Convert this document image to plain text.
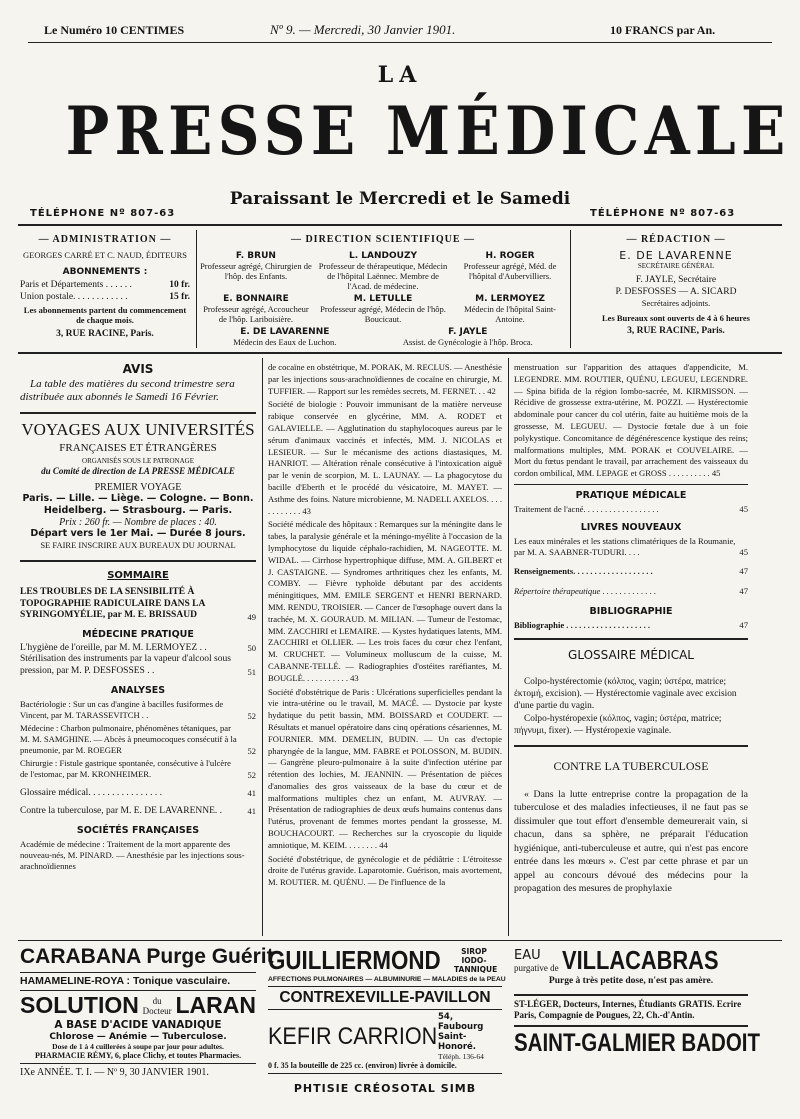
Le Numéro 10 CENTIMES	Nº 9. — Mercredi, 30 Janvier 1901.	10 FRANCS par An.
LA
PRESSE MÉDICALE
Paraissant le Mercredi et le Samedi
TÉLÉPHONE Nº 807-63	TÉLÉPHONE Nº 807-63
— ADMINISTRATION —
GEORGES CARRÉ ET C. NAUD, ÉDITEURS
ABONNEMENTS :
Paris et Départements . . . . . .	10 fr.
Union postale. . . . . . . . . . . .	15 fr.
Les abonnements partent du commencement de chaque mois.
3, RUE RACINE, Paris.
— DIRECTION SCIENTIFIQUE —
F. BRUN
Professeur agrégé, Chirurgien de l'hôp. des Enfants.
L. LANDOUZY
Professeur de thérapeutique, Médecin de l'hôpital Laënnec. Membre de l'Acad. de médecine.
H. ROGER
Professeur agrégé, Méd. de l'hôpital d'Aubervilliers.
E. BONNAIRE
Professeur agrégé, Accoucheur de l'hôp. Lariboisière.
M. LETULLE
Professeur agrégé, Médecin de l'hôp. Boucicaut.
M. LERMOYEZ
Médecin de l'hôpital Saint-Antoine.
E. DE LAVARENNE
Médecin des Eaux de Luchon.
F. JAYLE
Assist. de Gynécologie à l'hôp. Broca.
— RÉDACTION —
E. DE LAVARENNE
SECRÉTAIRE GÉNÉRAL
F. JAYLE, Secrétaire
P. DESFOSSES — A. SICARD
Secrétaires adjoints.
Les Bureaux sont ouverts de 4 à 6 heures
3, RUE RACINE, Paris.
AVIS
La table des matières du second trimestre sera distribuée aux abonnés le Samedi 16 Février.
VOYAGES AUX UNIVERSITÉS
FRANÇAISES ET ÉTRANGÈRES
ORGANISÉS SOUS LE PATRONAGE
du Comité de direction de LA PRESSE MÉDICALE
PREMIER VOYAGE
Paris. — Lille. — Liège. — Cologne. — Bonn.
Heidelberg. — Strasbourg. — Paris.
Prix : 260 fr. — Nombre de places : 40.
Départ vers le 1er Mai. — Durée 8 jours.
SE FAIRE INSCRIRE AUX BUREAUX DU JOURNAL
SOMMAIRE
LES TROUBLES DE LA SENSIBILITÉ À TOPOGRAPHIE RADICULAIRE DANS LA SYRINGOMYÉLIE, par M. E. BRISSAUD	49
MÉDECINE PRATIQUE
L'hygiène de l'oreille, par M. M. LERMOYEZ . .	50
Stérilisation des instruments par la vapeur d'alcool sous pression, par M. P. DESFOSSES . .	51
ANALYSES
Bactériologie : Sur un cas d'angine à bacilles fusiformes de Vincent, par M. TARASSEVITCH . .	52
Médecine : Charbon pulmonaire, phénomènes tétaniques, par M. M. SAMGHINE. — Abcès à pneumocoques consécutif à la pneumonie, par M. ROEGER	52
Chirurgie : Fistule gastrique spontanée, consécutive à l'ulcère de l'estomac, par M. KRONHEIMER.	52
Glossaire médical. . . . . . . . . . . . . . . .	41
Contre la tuberculose, par M. E. DE LAVARENNE. .	41
SOCIÉTÉS FRANÇAISES
Académie de médecine : Traitement de la mort apparente des nouveau-nés, M. PINARD. — Anesthésie par les injections sous-arachnoïdiennes
de cocaïne en obstétrique, M. PORAK, M. RECLUS. — Anesthésie par les injections sous-arachnoïdiennes de cocaïne en chirurgie, M. TUFFIER. — Rapport sur les remèdes secrets, M. FERNET. . . 42
Société de biologie : Pouvoir immunisant de la matière nerveuse rabique conservée en glycérine, MM. A. RODET et GALAVIELLE. — Agglutination du staphylocoques aureus par le sérum d'animaux vaccinés et infectés, MM. J. NICOLAS et LESIEUR. — Sur le mécanisme des actions diastasiques, M. HANRIOT. — Altération rénale consécutive à l'intoxication aiguë par le venin de scorpion, M. L. LAUNAY. — La phagocytose du bacille d'Eberth et le procédé du vésicatoire, M. MAYET. — Asthme des foins. Nature microbienne, M. NADELL AXELOS. . . . . . . . . . . . 43
Société médicale des hôpitaux : Remarques sur la méningite dans le tabes, la paralysie générale et la méningo-myélite à l'occasion de la lymphocytose du liquide céphalo-rachidien, M. NAGEOTTE. M. WIDAL. — Cirrhose hypertrophique diffuse, MM. A. GILBERT et J. CASTAIGNE. — Syndromes arthritiques chez les enfants, M. COMBY. — Fièvre typhoïde débutant par des accidents méningitiques, MM. EMILE SERGENT et HENRI BERNARD. MM. RENDU, TROISIER. — Cancer de l'œsophage ouvert dans la trachée, M. X. GOURAUD. M. MILIAN. — Tumeur de l'estomac, MM. ZACCHIRI et LEMAIRE. — Kystes hydatiques latents, MM. ZACCHIRI et OLLIER. — Les trois faces du cœur chez l'enfant, M. CRUCHET. — Volumineux molluscum de la cuisse, M. CABANNE-TELLÉ. — Radiographies d'ostéites raréfiantes, M. BOUGLÉ. . . . . . . . . . . 43
Société d'obstétrique de Paris : Ulcérations superficielles pendant la vie intra-utérine ou le travail, M. MACÉ. — Dystocie par kyste hydatique du petit bassin, MM. BOISSARD et COUDERT. — Résultats et manuel opératoire dans cinq opérations césariennes, M. FOURNIER. MM. DEMELIN, BUDIN. — Un cas d'ectopie pharyngée de la langue, MM. FABRE et POLOSSON, M. BUDIN. — Gangrène pleuro-pulmonaire à la suite d'infection utérine par rétention des lochies, M. JEANNIN. — Présentation de pièces d'anomalies des gros vaisseaux de la base du cœur et de malformations multiples chez un enfant, M. AUVRAY. — Présentation de radiographies de deux œufs humains contenus dans l'utérus, provenant de femmes mortes pendant la grossesse, M. BOUCHACOURT. — Recherches sur la cryoscopie du liquide amniotique, M. KEIM. . . . . . . . 44
Société d'obstétrique, de gynécologie et de pédiâtrie : L'étroitesse droite de l'utérus gravide. Laparotomie. Guérison, mais avortement, M. ROUTIER. M. QUÉNU. — De l'influence de la
menstruation sur l'apparition des attaques d'appendicite, M. LEGENDRE. MM. ROUTIER, QUÉNU, LEGUEU, LEGENDRE. — Spina bifida de la région lombo-sacrée, M. KIRMISSON. — Récidive de grossesse extra-utérine, M. POZZI. — Hystérectomie abdominale pour cancer du col utérin, faite au huitième mois de la grossesse, M. LEGUEU. — Dystocie fœtale due à un foie polykystique. Concomitance de dégénérescence kystique des reins; malformations multiples, MM. PORAK et COUVELAIRE. — Mort du fœtus pendant le travail, par arrachement des vaisseaux du cordon ombilical, MM. LEPAGE et GROSS . . . . . . . . . . 45
PRATIQUE MÉDICALE
Traitement de l'acné. . . . . . . . . . . . . . . . . .	45
LIVRES NOUVEAUX
Les eaux minérales et les stations climatériques de la Roumanie, par M. A. SAABNER-TUDURI. . . .	45
Renseignements. . . . . . . . . . . . . . . . . . .	47
Répertoire thérapeutique . . . . . . . . . . . . .	47
BIBLIOGRAPHIE
Bibliographie . . . . . . . . . . . . . . . . . . . .	47
GLOSSAIRE MÉDICAL
Colpo-hystérectomie (κόλπος, vagin; ὑστέρα, matrice; ἐκτομή, excision). — Hystérectomie vaginale avec excision d'une partie du vagin.
Colpo-hystéropexie (κόλπος, vagin; ὑστέρα, matrice; πήγνυμι, fixer). — Hystéropexie vaginale.
CONTRE LA TUBERCULOSE
« Dans la lutte entreprise contre la propagation de la tuberculose et des maladies infectieuses, il ne faut pas se dissimuler que tout effort d'ensemble demeurerait vain, si chacun, dans sa sphère, ne préparait l'éducation hygiénique, anti-tuberculeuse et autre, qui n'est pas encore entrée dans les mœurs ». C'est par cette phrase et par un appel au concours dévoué des médecins pour la propagation des mesures de prophylaxie
CARABANA Purge Guérit
HAMAMELINE-ROYA : Tonique vasculaire.
SOLUTION	du Docteur LARAN
A BASE D'ACIDE VANADIQUE
Chlorose — Anémie — Tuberculose.
Dose de 1 à 4 cuillerées à soupe par jour pour adultes.
PHARMACIE RÉMY, 6, place Clichy, et toutes Pharmacies.
IXe ANNÉE. T. I. — Nº 9, 30 JANVIER 1901.
GUILLIERMOND	SIROP IODO-TANNIQUE
AFFECTIONS PULMONAIRES — ALBUMINURIE — MALADIES de la PEAU
CONTREXEVILLE-PAVILLON
KEFIR CARRION
54, Faubourg Saint-Honoré.
Téléph. 136-64
0 f. 35 la bouteille de 225 cc. (environ) livrée à domicile.
PHTISIE CRÉOSOTAL SIMB
EAU
purgative de VILLACABRAS
Purge à très petite dose, n'est pas amère.
ST-LÉGER, Docteurs, Internes, Étudiants GRATIS. Ecrire Paris, Compagnie de Pougues, 22, Ch.-d'Antin.
SAINT-GALMIER BADOIT
